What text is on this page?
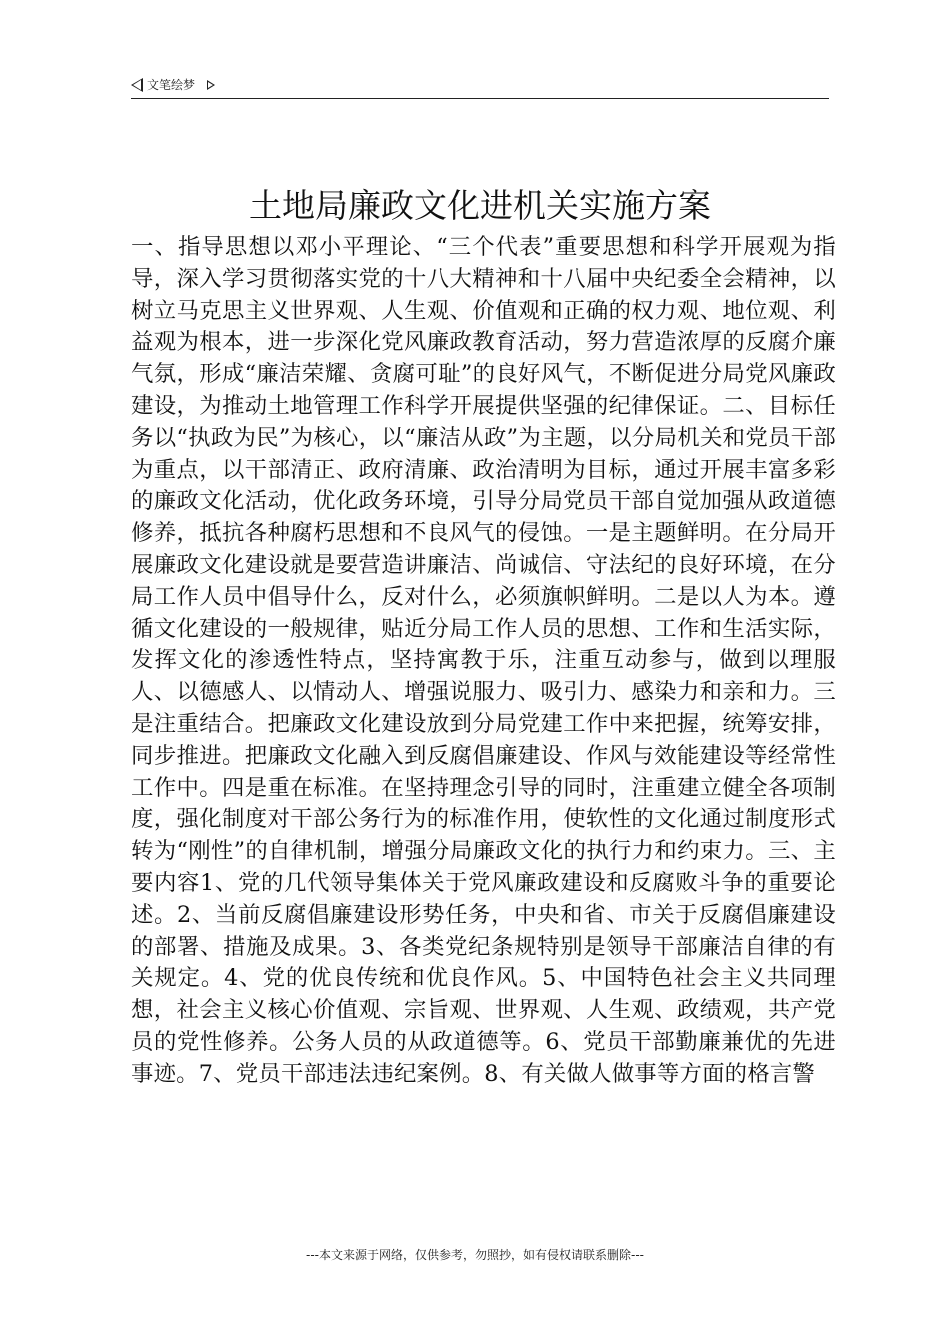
文笔绘梦
土地局廉政文化进机关实施方案

一、指导思想以邓小平理论、“三个代表”重要思想和科学开展观为指导，深入学习贯彻落实党的十八大精神和十八届中央纪委全会精神，以树立马克思主义世界观、人生观、价值观和正确的权力观、地位观、利益观为根本，进一步深化党风廉政教育活动，努力营造浓厚的反腐介廉气氛，形成“廉洁荣耀、贪腐可耻”的良好风气，不断促进分局党风廉政建设，为推动土地管理工作科学开展提供坚强的纪律保证。二、目标任务以“执政为民”为核心，以“廉洁从政”为主题，以分局机关和党员干部为重点，以干部清正、政府清廉、政治清明为目标，通过开展丰富多彩的廉政文化活动，优化政务环境，引导分局党员干部自觉加强从政道德修养，抵抗各种腐朽思想和不良风气的侵蚀。一是主题鲜明。在分局开展廉政文化建设就是要营造讲廉洁、尚诚信、守法纪的良好环境，在分局工作人员中倡导什么，反对什么，必须旗帜鲜明。二是以人为本。遵循文化建设的一般规律，贴近分局工作人员的思想、工作和生活实际，发挥文化的渗透性特点，坚持寓教于乐，注重互动参与，做到以理服人、以德感人、以情动人、增强说服力、吸引力、感染力和亲和力。三是注重结合。把廉政文化建设放到分局党建工作中来把握，统筹安排，同步推进。把廉政文化融入到反腐倡廉建设、作风与效能建设等经常性工作中。四是重在标准。在坚持理念引导的同时，注重建立健全各项制度，强化制度对干部公务行为的标准作用，使软性的文化通过制度形式转为“刚性”的自律机制，增强分局廉政文化的执行力和约束力。三、主要内容1、党的几代领导集体关于党风廉政建设和反腐败斗争的重要论述。2、当前反腐倡廉建设形势任务，中央和省、市关于反腐倡廉建设的部署、措施及成果。3、各类党纪条规特别是领导干部廉洁自律的有关规定。4、党的优良传统和优良作风。5、中国特色社会主义共同理想，社会主义核心价值观、宗旨观、世界观、人生观、政绩观，共产党员的党性修养。公务人员的从政道德等。6、党员干部勤廉兼优的先进事迹。7、党员干部违法违纪案例。8、有关做人做事等方面的格言警

---本文来源于网络，仅供参考，勿照抄，如有侵权请联系删除---
